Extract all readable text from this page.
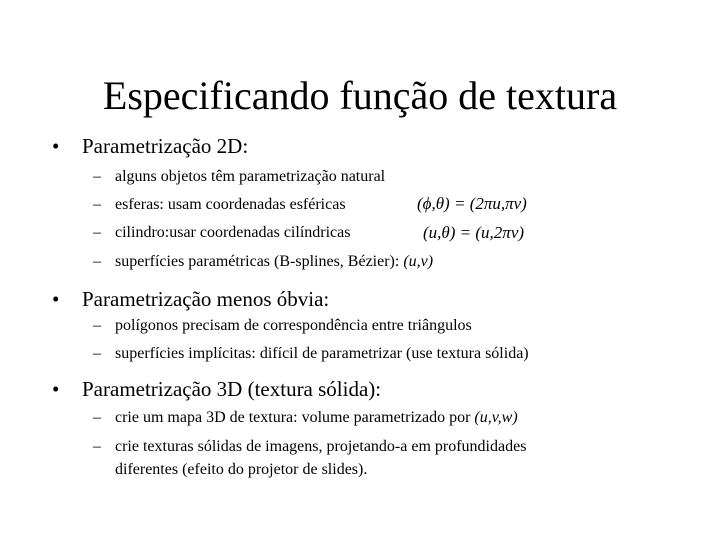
Especificando função de textura
• Parametrização 2D:
– alguns objetos têm parametrização natural
– esferas: usam coordenadas esféricas	(ϕ,θ) = (2πu,πv)
– cilindro:usar coordenadas cilíndricas	(u,θ) = (u,2πv)
– superfícies paramétricas (B-splines, Bézier): (u,v)
• Parametrização menos óbvia:
– polígonos precisam de correspondência entre triângulos
– superfícies implícitas: difícil de parametrizar (use textura sólida)
• Parametrização 3D (textura sólida):
– crie um mapa 3D de textura: volume parametrizado por (u,v,w)
– crie texturas sólidas de imagens, projetando-a em profundidades
diferentes (efeito do projetor de slides).
